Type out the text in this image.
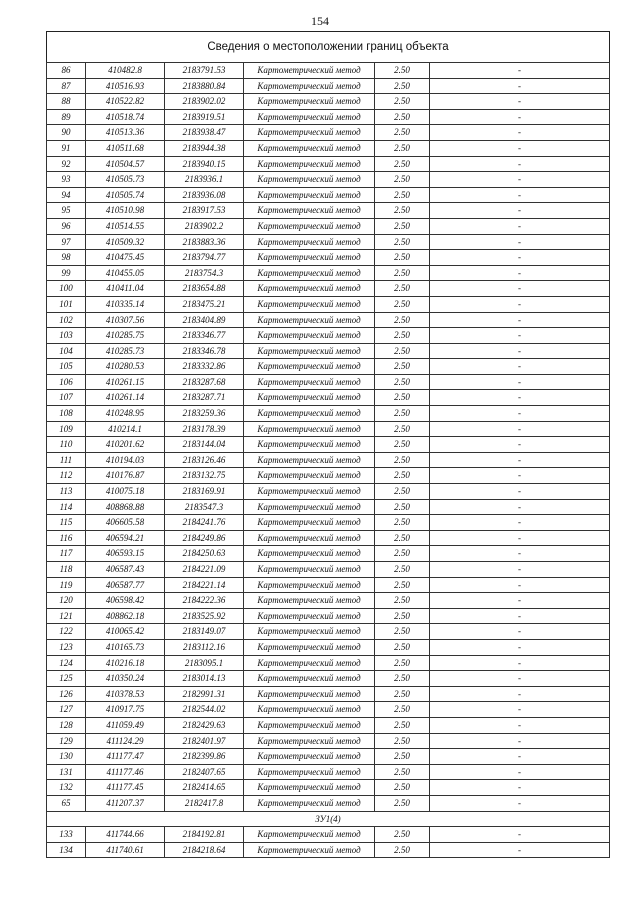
154
Сведения о местоположении границ объекта
86	410482.8	2183791.53	Картометрический метод	2.50	-
87	410516.93	2183880.84	Картометрический метод	2.50	-
88	410522.82	2183902.02	Картометрический метод	2.50	-
89	410518.74	2183919.51	Картометрический метод	2.50	-
90	410513.36	2183938.47	Картометрический метод	2.50	-
91	410511.68	2183944.38	Картометрический метод	2.50	-
92	410504.57	2183940.15	Картометрический метод	2.50	-
93	410505.73	2183936.1	Картометрический метод	2.50	-
94	410505.74	2183936.08	Картометрический метод	2.50	-
95	410510.98	2183917.53	Картометрический метод	2.50	-
96	410514.55	2183902.2	Картометрический метод	2.50	-
97	410509.32	2183883.36	Картометрический метод	2.50	-
98	410475.45	2183794.77	Картометрический метод	2.50	-
99	410455.05	2183754.3	Картометрический метод	2.50	-
100	410411.04	2183654.88	Картометрический метод	2.50	-
101	410335.14	2183475.21	Картометрический метод	2.50	-
102	410307.56	2183404.89	Картометрический метод	2.50	-
103	410285.75	2183346.77	Картометрический метод	2.50	-
104	410285.73	2183346.78	Картометрический метод	2.50	-
105	410280.53	2183332.86	Картометрический метод	2.50	-
106	410261.15	2183287.68	Картометрический метод	2.50	-
107	410261.14	2183287.71	Картометрический метод	2.50	-
108	410248.95	2183259.36	Картометрический метод	2.50	-
109	410214.1	2183178.39	Картометрический метод	2.50	-
110	410201.62	2183144.04	Картометрический метод	2.50	-
111	410194.03	2183126.46	Картометрический метод	2.50	-
112	410176.87	2183132.75	Картометрический метод	2.50	-
113	410075.18	2183169.91	Картометрический метод	2.50	-
114	408868.88	2183547.3	Картометрический метод	2.50	-
115	406605.58	2184241.76	Картометрический метод	2.50	-
116	406594.21	2184249.86	Картометрический метод	2.50	-
117	406593.15	2184250.63	Картометрический метод	2.50	-
118	406587.43	2184221.09	Картометрический метод	2.50	-
119	406587.77	2184221.14	Картометрический метод	2.50	-
120	406598.42	2184222.36	Картометрический метод	2.50	-
121	408862.18	2183525.92	Картометрический метод	2.50	-
122	410065.42	2183149.07	Картометрический метод	2.50	-
123	410165.73	2183112.16	Картометрический метод	2.50	-
124	410216.18	2183095.1	Картометрический метод	2.50	-
125	410350.24	2183014.13	Картометрический метод	2.50	-
126	410378.53	2182991.31	Картометрический метод	2.50	-
127	410917.75	2182544.02	Картометрический метод	2.50	-
128	411059.49	2182429.63	Картометрический метод	2.50	-
129	411124.29	2182401.97	Картометрический метод	2.50	-
130	411177.47	2182399.86	Картометрический метод	2.50	-
131	411177.46	2182407.65	Картометрический метод	2.50	-
132	411177.45	2182414.65	Картометрический метод	2.50	-
65	411207.37	2182417.8	Картометрический метод	2.50	-
ЗУ1(4)					
133	411744.66	2184192.81	Картометрический метод	2.50	-
134	411740.61	2184218.64	Картометрический метод	2.50	-
